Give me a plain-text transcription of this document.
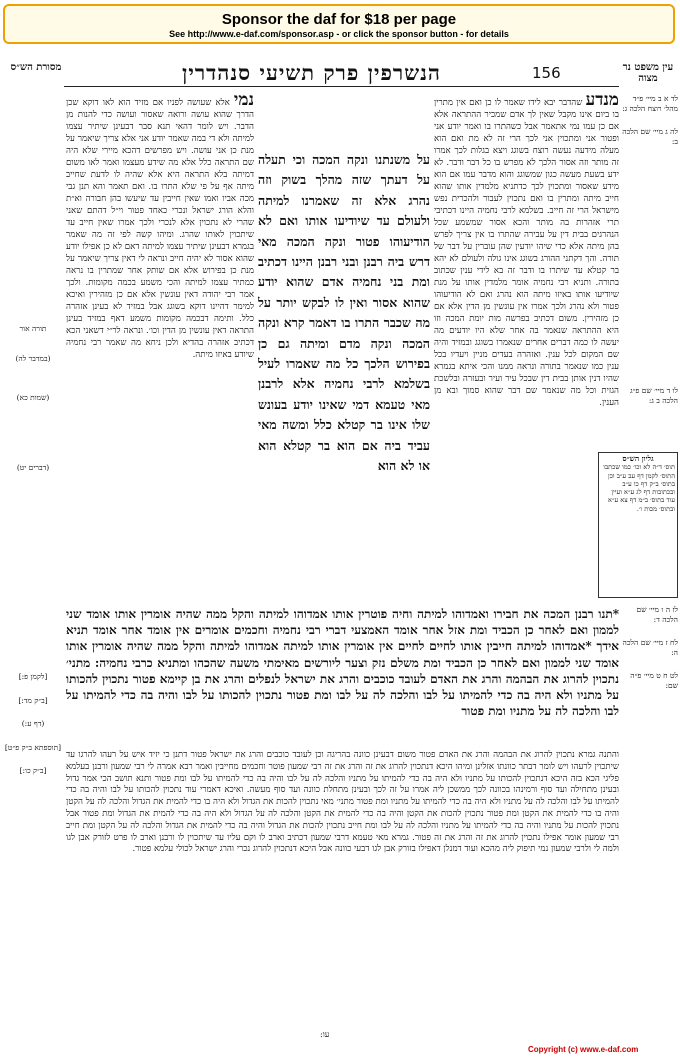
Sponsor the daf for $18 per page
See http://www.e-daf.com/sponsor.asp - or click the sponsor button - for details
מסורת הש״ס	הנשרפין פרק תשיעי סנהדרין	156	עין משפט נר מצוה
תורה אור
(במדבר לה)
(שמות כא)
(דברים יט)
[לקמן פ:]
[ב״ק מד:]
(דף ע:)
[תוספתא ב״ק פ״ט]
[ב״ק כו:]
נמי אלא שעושה לפניו אם מזיד הוא לאו דוקא שכן הדרך שהוא עושה ורואה שאסור ועושה כדי להנות מן הדבר. ויש לומר דהאי תנא סבר דבעינן שיתיר עצמו למיתה ולא די במה שאמר יודע אני אלא צריך שיאמר על מנת כן אני עושה. ויש מפרשים דהכא מיירי שלא היה שם התראה כלל אלא מה שידע מעצמו ואמר לאו משום דמיתה בלא התראה היא אלא שהיה לו לדעת שחייב מיתה אף על פי שלא התרו בו. ואם תאמר והא תנן גבי מכה אביו ואמו שאין חייבין עד שיעשו בהן חבורה וא״ת והלא הורג ישראל ונכרי כאחד פטור וי״ל דהתם שאני שהרי לא נתכוין אלא לנכרי ולכך אמרו שאין חייב עד שיתכוין לאותו שהרג. ומיהו קשה לפי זה מה שאמר בגמרא דבעינן שיתיר עצמו למיתה דאם לא כן אפילו יודע שהוא אסור לא יהיה חייב ונראה לי דאין צריך שיאמר על מנת כן בפירוש אלא אם שותק אחר שמתרין בו נראה כמתיר עצמו למיתה והכי משמע בכמה מקומות. ולכך אמר רבי יהודה דאין עונשין אלא אם כן מזהירין ואיכא למימר דהיינו דוקא בשוגג אבל במזיד לא בעינן אזהרה כלל. ותימה דבכמה מקומות משמע דאף במזיד בעינן התראה דאין עונשין מן הדין וכו׳. ונראה לר״י דשאני הכא דכתיב אזהרה בהדיא ולכן ניחא מה שאמר רבי נחמיה שיודע באיזו מיתה.
על משנתנו ונקה המכה וכי תעלה על דעתך שזה מהלך בשוק וזה נהרג אלא זה שאמרנו למיתה ולעולם עד שיודיעו אותו ואם לא הודיעוהו פטור ונקה המכה מאי דרש ביה רבנן ובני רבנן היינו דכתיב ומת בני נחמיה אדם שהוא יודע שהוא אסור ואין לו לבקש יותר על מה שכבר התרו בו דאמר קרא ונקה המכה ונקה מדם ומיתה גם כן בפירוש הלכך כל מה שאמרו לעיל בשלמא לרבי נחמיה אלא לרבנן מאי טעמא דמי שאינו יודע בעונש שלו אינו בר קטלא כלל ומשה מאי עביד ביה אם הוא בר קטלא הוא או לא הוא
מנדע שהדבר יבא לידו שאמר לו כן ואם אין מתרין בו ביום אינו מקבל שאין לך אדם שמכיר ההתראה אלא אם כן עמו נמי אתאמר אבל כשהתרו בו ואמר יודע אני ופטור אני ומתכוין אני לכך הרי זה לא מת ואם הוא מעלה מידעה נעשה רוצח בשוגג ויצא בגלות לכך אמרו זה מותר וזה אסור הלכך לא מפרש בו כל דבר ודבר. לא ידע בשעת מעשה כגון שמשוגג והוא מדבר עמו אם הוא מידע שאסור ומתכוין לכך כדתניא מלמדין אותו שהוא חייב מיתה ומתרין בו ואם נתכוין לעבור ולהכרית נפש מישראל הרי זה חייב. בשלמא לרבי נחמיה היינו דכתיבי תרי אזהרות בה מותר והכא אסור שמשמע שכל הנהרגים בבית דין על עבירה שהתרו בו אין צריך לפרש בהן מיתה אלא כדי שיהו יודעין שהן עוברין על דבר של תורה. והך דקתני ההורג בשוגג אינו גולה ולעולם לא יהא בר קטלא עד שיתרו בו ודבר זה בא לידי ענין שכתוב בתורה. ותניא רבי נחמיה אומר מלמדין אותו על מנת שיודיעו אותו באיזו מיתה הוא נהרג ואם לא הודיעוהו פטור ולא נהרג ולכך אמרו אין עונשין מן הדין אלא אם כן מזהירין. משום דכתיב בפרשה מות יומת המכה וזו היא ההתראה שנאמר בה אחר שלא היו יודעים מה יעשה לו כמה דברים אחרים שנאמרו בשוגג ובמזיד והיה שם המקום לכל ענין. ואזהרה בעדים מניין ויעדיו בכל ענין כמו שנאמר בתורה ונראה ממנו והכי איתא בגמרא שהיו דנין אותן בבית דין שבכל עיר ועיר ובעזרה ובלשכת הגזית וכל מה שנאמר שם דבר שהוא סמוך ובא מן הענין.
*תנו רבנן המכה את חבירו ואמדוהו למיתה וחיה פוטרין אותו אמדוהו למיתה והקל ממה שהיה אומרין אותו אומד שני לממון ואם לאחר כן הכביד ומת אזל אחר אומד האמצעי דברי רבי נחמיה וחכמים אומרים אין אומד אחר אומד תניא אידך *אמדוהו למיתה חייבין אותו לחיים לחיים אין אומרין אותו למיתה אמדוהו למיתה והקל ממה שהיה אומרין אותו אומד שני לממון ואם לאחר כן הכביד ומת משלם נזק וצער ליורשים מאימתי משעה שהכהו ומתניא כרבי נחמיה: מתני׳ נתכוין להרוג את הבהמה והרג את האדם לעובד כוכבים והרג את ישראל לנפלים והרג את בן קיימא פטור נתכוין להכותו על מתניו ולא היה בה כדי להמיתו על לבו והלכה לה על לבו ומת פטור נתכוין להכותו על לבו והיה בה כדי להמיתו על לבו והלכה לה על מתניו ומת פטור
והתנה גמרא נתכוין להרוג את הבהמה והרג את האדם פטור משום דבעינן כוונה בהריגה וכן לעובד כוכבים והרג את ישראל פטור דתנן כי יזיד איש על רעהו להרגו עד שיתכוין לרעהו ויש לומר דבתר כוונתו אזלינן ומיהו היכא דנתכוין להרוג את זה והרג את זה רבי שמעון פוטר וחכמים מחייבין ואמר רבא אמרה לי רבי שמעון ורבנן בעלמא פליגי הכא בזה היכא דנתכוין להכותו על מתניו ולא היה בה כדי להמיתו על מתניו והלכה לה על לבו והיה בה כדי להמיתו על לבו ומת פטור ותנא תושב הכי אמר גדול ובעינן מתחילה ועד סוף ורמינהו בכוונה לכך ממשכן ליה אמרו על זה לכך ובעינן מתחלת כוונה ועד סוף מעשה. ואיכא דאמרי עוד נתכוין להכותו על לבו והיה בה כדי להמיתו על לבו והלכה לה על מתניו ולא היה בה כדי להמיתו על מתניו ומת פטור מתני׳ מאי נתכוין להכות את הגדול ולא היה בו כדי להמית את הגדול והלכה לה על הקטן והיה בו כדי להמית את הקטן ומת פטור נתכוין להכות את הקטן והיה בה כדי להמית את הקטן והלכה לה על הגדול ולא היה בה כדי להמית את הגדול ומת פטור אבל נתכוין להכות על מתניו והיה בה כדי להמיתו על מתניו והלכה לה על לבו ומת חייב נתכוין להכות את הגדול והיה בה כדי להמית את הגדול והלכה לה על הקטן ומת חייב רבי שמעון אומר אפילו נתכוין להרוג את זה והרג את זה פטור. גמרא מאי טעמא דרבי שמעון דכתיב וארב לו וקם עליו עד שיתכוין לו ורבנן וארב לו פרט לזורק אבן לגו ולמה לי ולרבי שמעון נמי תיפוק ליה מהכא ועוד דמנלן דאפילו בזורק אבן לגו דבעי כוונה אבל היכא דנתכוין להרוג נכרי והרג ישראל לכולי עלמא פטור.
לד א ב מיי׳ פ״ד מהל׳ רוצח הלכה ג:
לה ג מיי׳ שם הלכה ב:
לו ד מיי׳ שם פ״ג הלכה ב ג:
לז ה ו מיי׳ שם הלכה ד:
לח ז מיי׳ שם הלכה ה:
לט ח ט מיי׳ פ״ה שם:
גליון הש״ס
תוס׳ ד״ה לא וכו׳ כמו שכתבו התוס׳ לקמן דף עב ע״ב וכן בתוס׳ ב״ק דף כו ע״ב ובכתובות דף לג ע״א ועיין עוד בתוס׳ ב״מ דף צא ע״א ובתוס׳ מכות ו׳.
עו:
Copyright (c) www.e-daf.com
